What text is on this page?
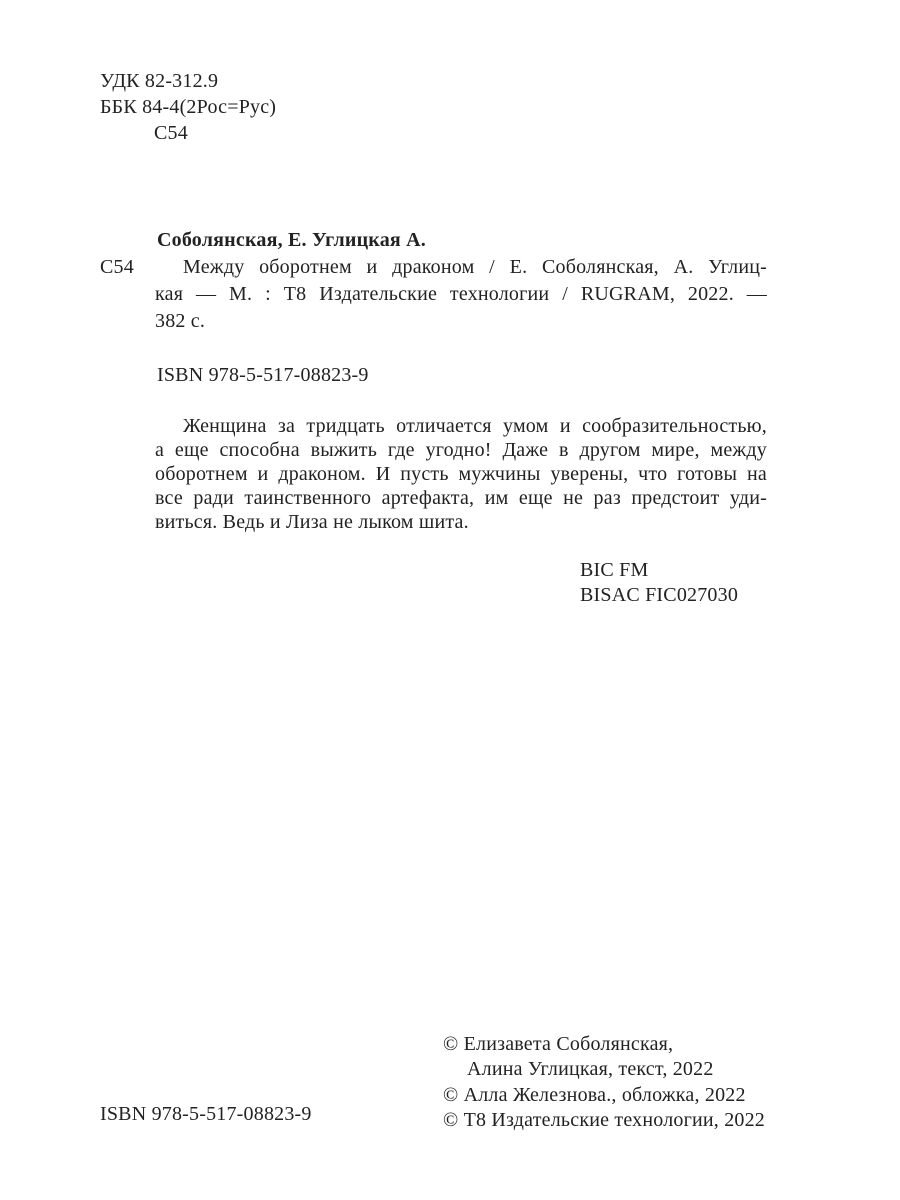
УДК 82-312.9
ББК 84-4(2Рос=Рус)
С54
Соболянская, Е. Углицкая А.
С54	Между оборотнем и драконом / Е. Соболянская, А. Углиц-
кая — М. : Т8 Издательские технологии / RUGRAM, 2022. —
382 с.
ISBN 978-5-517-08823-9
Женщина за тридцать отличается умом и сообразительностью,
а еще способна выжить где угодно! Даже в другом мире, между
оборотнем и драконом. И пусть мужчины уверены, что готовы на
все ради таинственного артефакта, им еще не раз предстоит уди-
виться. Ведь и Лиза не лыком шита.
BIC FM
BISAC FIC027030
© Елизавета Соболянская,
Алина Углицкая, текст, 2022
© Алла Железнова., обложка, 2022
© Т8 Издательские технологии, 2022
ISBN 978-5-517-08823-9
